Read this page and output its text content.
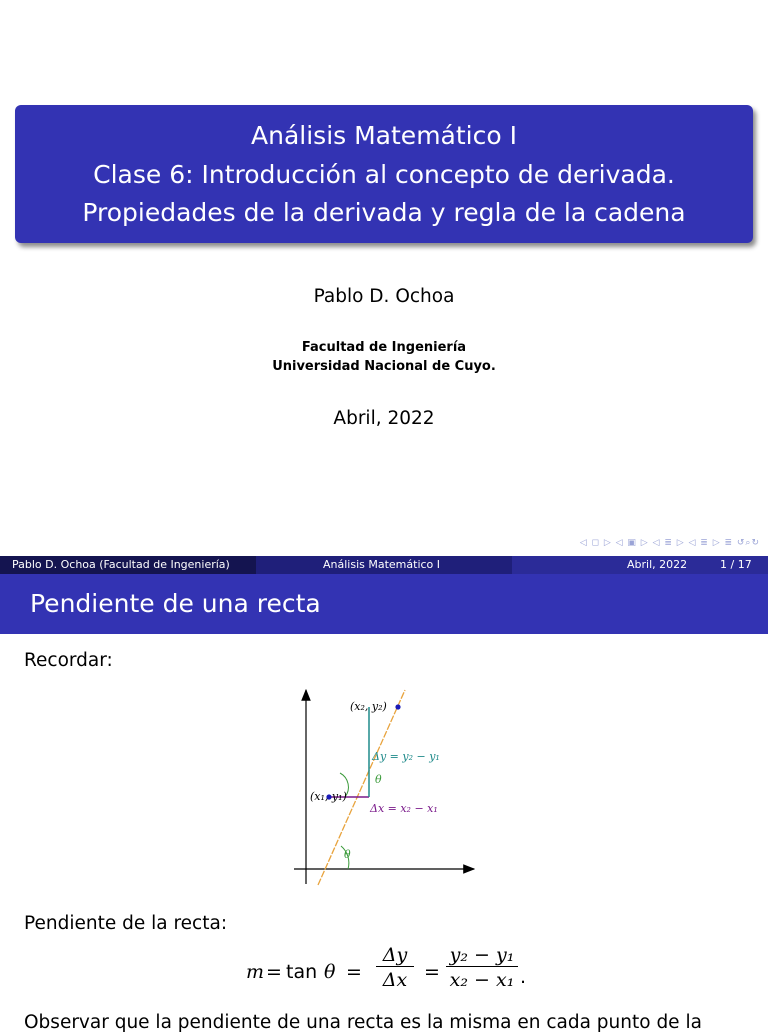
Análisis Matemático I
Clase 6: Introducción al concepto de derivada.
Propiedades de la derivada y regla de la cadena
Pablo D. Ochoa
Facultad de Ingeniería
Universidad Nacional de Cuyo.
Abril, 2022
◁ ◻ ▷ ◁ ▣ ▷ ◁ ≣ ▷ ◁ ≣ ▷ ≣ ↺⌕↻
Pablo D. Ochoa (Facultad de Ingeniería)	Análisis Matemático I	Abril, 2022	1 / 17
Pendiente de una recta
Recordar:
(x₂, y₂)
(x₁, y₁)
Δy = y₂ − y₁
Δx = x₂ − x₁
θ
θ
Pendiente de la recta:
$m = \tan \theta = \frac{\Delta y}{\Delta x} = \frac{\text{y₂ − y₁}}{\text{x₂ − x₁}}$ .
Observar que la pendiente de una recta es la misma en cada punto de la
